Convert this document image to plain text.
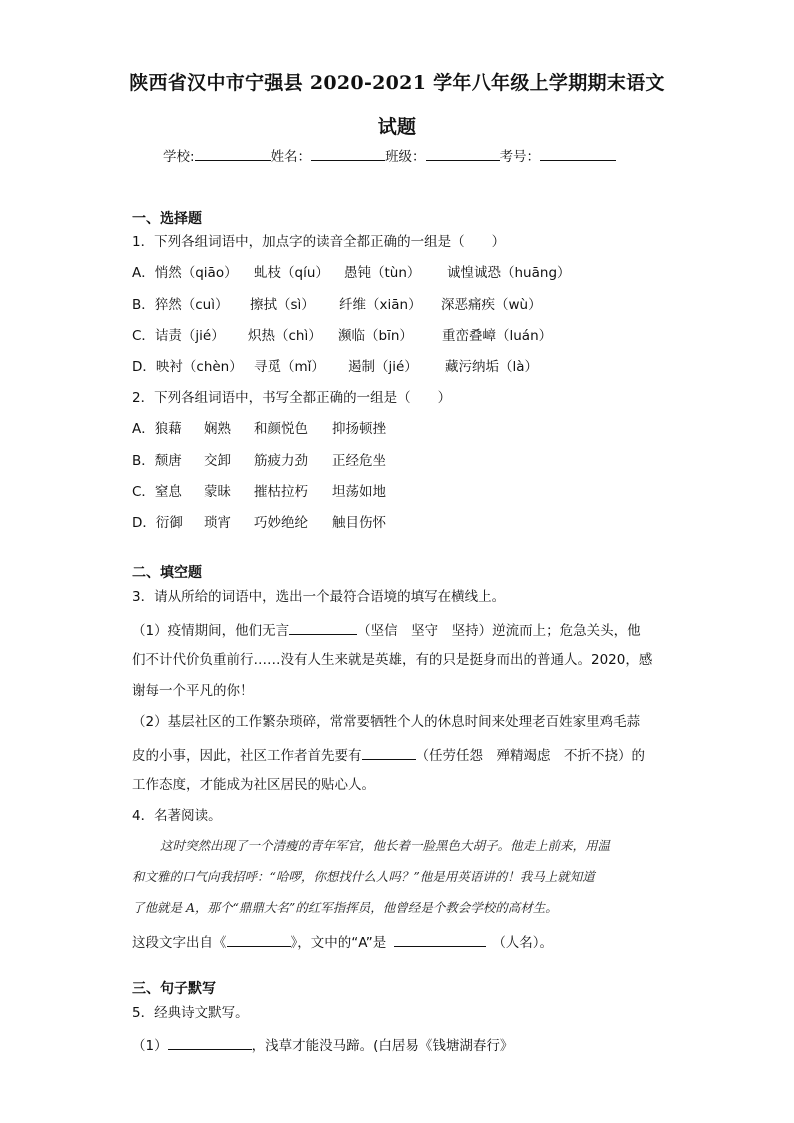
陕西省汉中市宁强县 2020-2021 学年八年级上学期期末语文
试题
学校:	姓名：	班级：	考号：
一、选择题
1．下列各组词语中，加点字的读音全都正确的一组是（　　）
A．悄然（qiāo） 虬枝（qíu） 愚钝（tùn） 诚惶诚恐（huāng）
B．猝然（cuì） 擦拭（sì） 纤维（xiān） 深恶痛疾（wù）
C．诘责（jié） 炽热（chì） 濒临（bīn） 重峦叠嶂（luán）
D．映衬（chèn） 寻觅（mǐ） 遏制（jié） 藏污纳垢（là）
2．下列各组词语中，书写全都正确的一组是（　　）
A．狼藉 娴熟 和颜悦色 抑扬顿挫
B．颓唐 交卸 筋疲力劲 正经危坐
C．窒息 蒙昧 摧枯拉朽 坦荡如地
D．衍御 琐宵 巧妙绝纶 触目伤怀
二、填空题
3．请从所给的词语中，选出一个最符合语境的填写在横线上。
（1）疫情期间，他们无言	（坚信　坚守　坚持）逆流而上；危急关头，他
们不计代价负重前行……没有人生来就是英雄，有的只是挺身而出的普通人。2020，感
谢每一个平凡的你！
（2）基层社区的工作繁杂琐碎，常常要牺牲个人的休息时间来处理老百姓家里鸡毛蒜
皮的小事，因此，社区工作者首先要有	（任劳任怨　殚精竭虑　不折不挠）的
工作态度，才能成为社区居民的贴心人。
4．名著阅读。

这时突然出现了一个清瘦的青年军官，他长着一脸黑色大胡子。他走上前来，用温

和文雅的口气向我招呼：“哈啰，你想找什么人吗？”他是用英语讲的！我马上就知道

了他就是 A，那个“鼎鼎大名”的红军指挥员，他曾经是个教会学校的高材生。

这段文字出自《	》，文中的“A”是	（人名）。
三、句子默写
5．经典诗文默写。
（1）	，浅草才能没马蹄。(白居易《钱塘湖春行》
